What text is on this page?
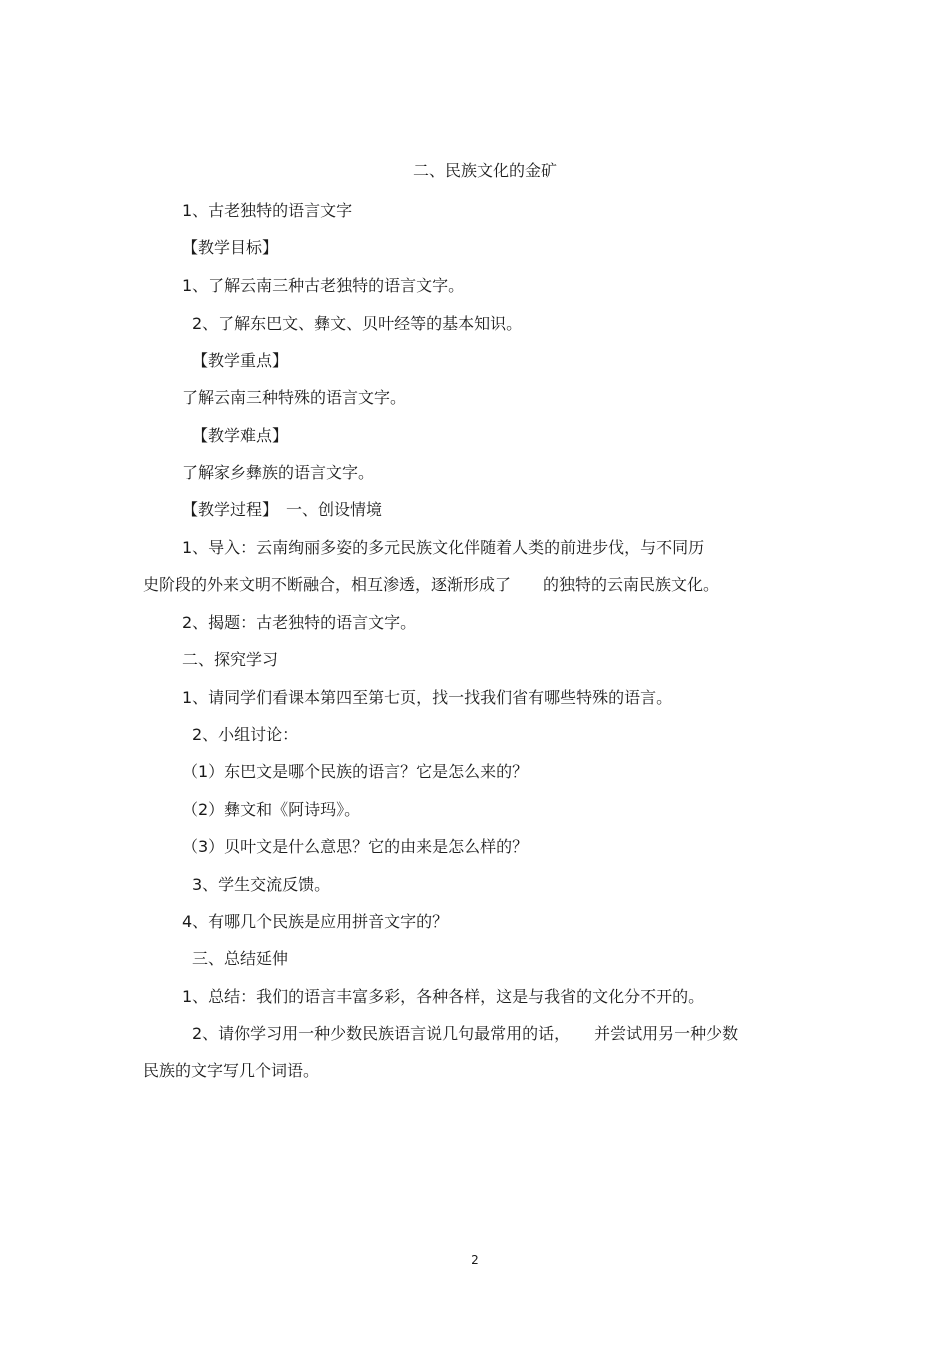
二、民族文化的金矿
1、古老独特的语言文字
【教学目标】
1、了解云南三种古老独特的语言文字。
2、了解东巴文、彝文、贝叶经等的基本知识。
【教学重点】
了解云南三种特殊的语言文字。
【教学难点】
了解家乡彝族的语言文字。
【教学过程】　一、创设情境
1、导入：云南绚丽多姿的多元民族文化伴随着人类的前进步伐，与不同历
史阶段的外来文明不断融合，相互渗透，逐渐形成了　　的独特的云南民族文化。
2、揭题：古老独特的语言文字。
二、探究学习
1、请同学们看课本第四至第七页，找一找我们省有哪些特殊的语言。
2、小组讨论：
（1）东巴文是哪个民族的语言？它是怎么来的？
（2）彝文和《阿诗玛》。
（3）贝叶文是什么意思？它的由来是怎么样的？
3、学生交流反馈。
4、有哪几个民族是应用拼音文字的？
三、总结延伸
1、总结：我们的语言丰富多彩，各种各样，这是与我省的文化分不开的。
2、请你学习用一种少数民族语言说几句最常用的话，　　并尝试用另一种少数
民族的文字写几个词语。
2
